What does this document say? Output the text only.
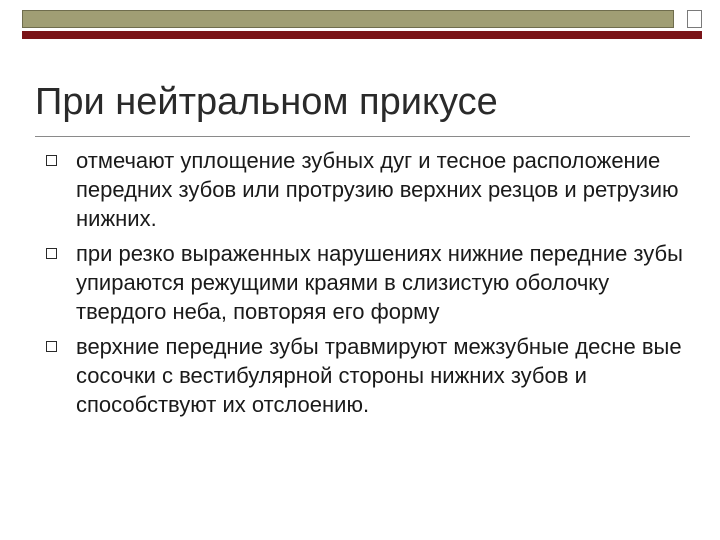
При нейтральном прикусе
отмечают уплощение зубных дуг и тесное расположение передних зубов или протрузию верхних резцов и ретрузию нижних.
при резко выраженных нарушениях нижние передние зубы упираются режущими краями в слизистую оболочку твердого неба, повторяя его форму
верхние передние зубы травмируют межзубные десне вые сосочки с вестибулярной стороны нижних зубов и способствуют их отслоению.
